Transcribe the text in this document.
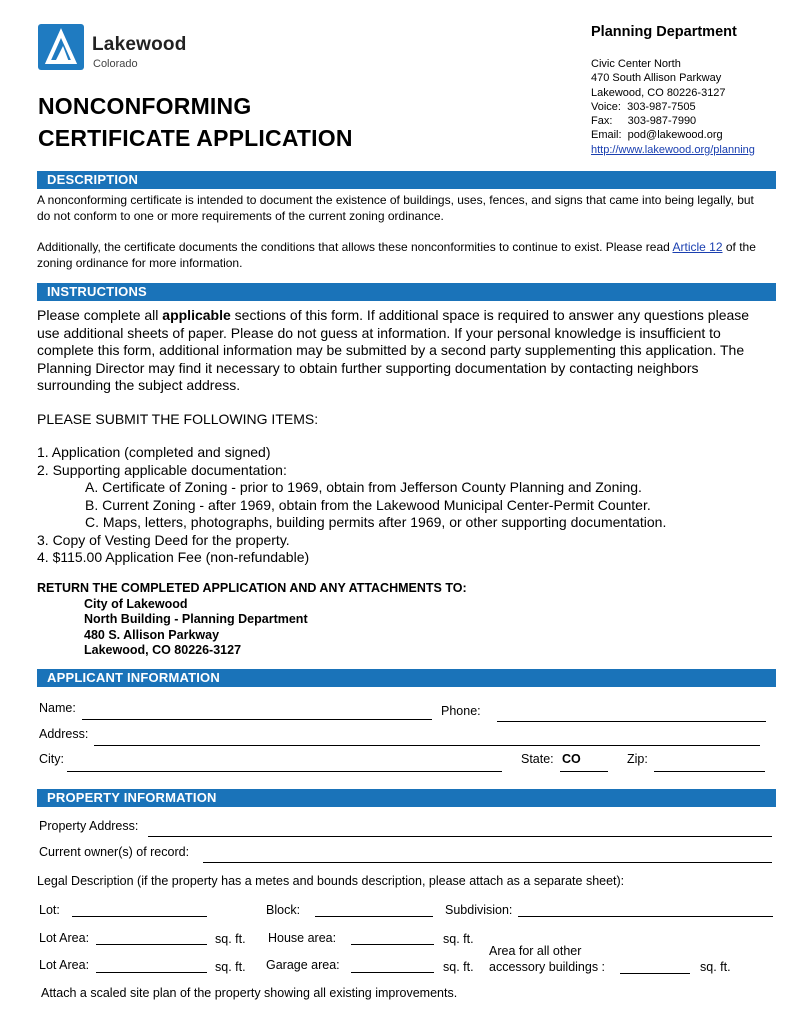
Lakewood
Colorado
NONCONFORMING
CERTIFICATE APPLICATION
Planning Department
Civic Center North
470 South Allison Parkway
Lakewood, CO 80226-3127
Voice:  303-987-7505
Fax:     303-987-7990
Email:  pod@lakewood.org
http://www.lakewood.org/planning
DESCRIPTION
A nonconforming certificate is intended to document the existence of buildings, uses, fences, and signs that came into being legally, but do not conform to one or more requirements of the current zoning ordinance.
Additionally, the certificate documents the conditions that allows these nonconformities to continue to exist. Please read Article 12 of the zoning ordinance for more information.
INSTRUCTIONS
Please complete all applicable sections of this form. If additional space is required to answer any questions please use additional sheets of paper. Please do not guess at information. If your personal knowledge is insufficient to complete this form, additional information may be submitted by a second party supplementing this application. The Planning Director may find it necessary to obtain further supporting documentation by contacting neighbors surrounding the subject address.
PLEASE SUBMIT THE FOLLOWING ITEMS:
1. Application (completed and signed)
2. Supporting applicable documentation:
A. Certificate of Zoning - prior to 1969, obtain from Jefferson County Planning and Zoning.
B. Current Zoning - after 1969, obtain from the Lakewood Municipal Center-Permit Counter.
C. Maps, letters, photographs, building permits after 1969, or other supporting documentation.
3. Copy of Vesting Deed for the property.
4. $115.00 Application Fee (non-refundable)
RETURN THE COMPLETED APPLICATION AND ANY ATTACHMENTS TO:
City of Lakewood
North Building - Planning Department
480 S. Allison Parkway
Lakewood, CO 80226-3127
APPLICANT INFORMATION
Name:	Phone:
Address:
City:	State: CO	Zip:
PROPERTY INFORMATION
Property Address:
Current owner(s) of record:
Legal Description (if the property has a metes and bounds description, please attach as a separate sheet):
Lot:	Block:	Subdivision:
Lot Area:	sq. ft. House area:	sq. ft.
Area for all other
accessory buildings :	sq. ft.
Lot Area:	sq. ft. Garage area:	sq. ft.
Attach a scaled site plan of the property showing all existing improvements.
